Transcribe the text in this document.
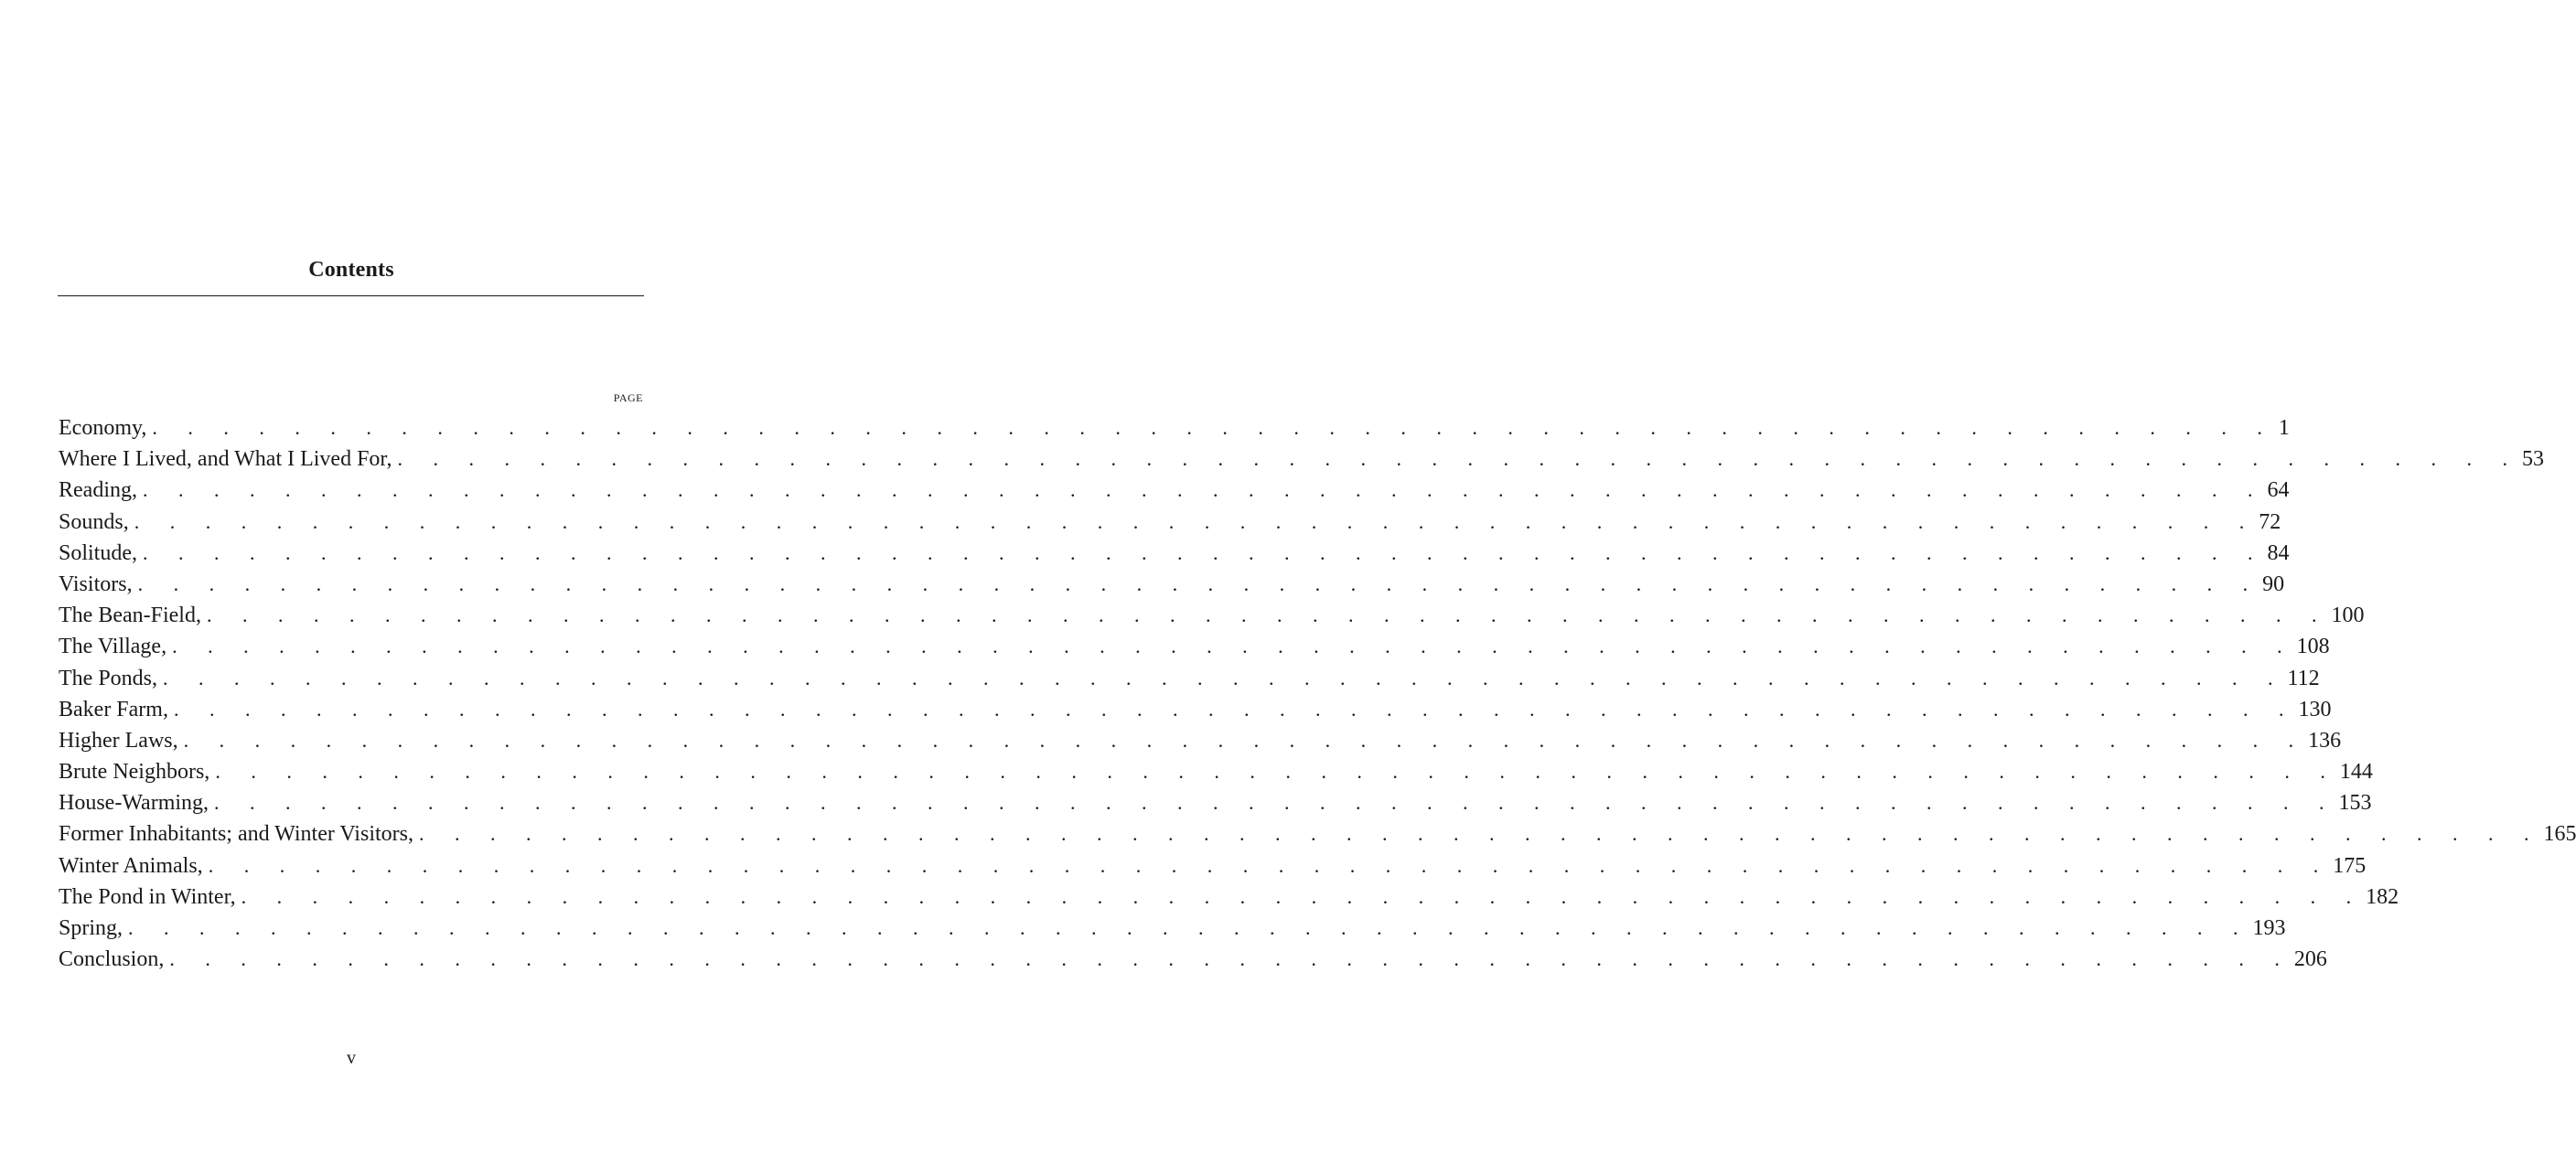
Contents
PAGE
Economy, . . . . . . . . . . . . . . . . . . . . . . . . . . . . . . . . . . . . . . . . . . . . . . . . . . . . . . . . . . . . 1
Where I Lived, and What I Lived For, . . . . . . . . . . . . . . . . . . . . . . . . . . . . . . . . . . . . . . . . . . . . . . . . . . . . . . . . . . . . 53
Reading, . . . . . . . . . . . . . . . . . . . . . . . . . . . . . . . . . . . . . . . . . . . . . . . . . . . . . . . . . . . . 64
Sounds, . . . . . . . . . . . . . . . . . . . . . . . . . . . . . . . . . . . . . . . . . . . . . . . . . . . . . . . . . . . . 72
Solitude, . . . . . . . . . . . . . . . . . . . . . . . . . . . . . . . . . . . . . . . . . . . . . . . . . . . . . . . . . . . . 84
Visitors, . . . . . . . . . . . . . . . . . . . . . . . . . . . . . . . . . . . . . . . . . . . . . . . . . . . . . . . . . . . . 90
The Bean-Field, . . . . . . . . . . . . . . . . . . . . . . . . . . . . . . . . . . . . . . . . . . . . . . . . . . . . . . . . . . . . 100
The Village, . . . . . . . . . . . . . . . . . . . . . . . . . . . . . . . . . . . . . . . . . . . . . . . . . . . . . . . . . . . . 108
The Ponds, . . . . . . . . . . . . . . . . . . . . . . . . . . . . . . . . . . . . . . . . . . . . . . . . . . . . . . . . . . . . 112
Baker Farm, . . . . . . . . . . . . . . . . . . . . . . . . . . . . . . . . . . . . . . . . . . . . . . . . . . . . . . . . . . . . 130
Higher Laws, . . . . . . . . . . . . . . . . . . . . . . . . . . . . . . . . . . . . . . . . . . . . . . . . . . . . . . . . . . . . 136
Brute Neighbors, . . . . . . . . . . . . . . . . . . . . . . . . . . . . . . . . . . . . . . . . . . . . . . . . . . . . . . . . . . . . 144
House-Warming, . . . . . . . . . . . . . . . . . . . . . . . . . . . . . . . . . . . . . . . . . . . . . . . . . . . . . . . . . . . . 153
Former Inhabitants; and Winter Visitors, . . . . . . . . . . . . . . . . . . . . . . . . . . . . . . . . . . . . . . . . . . . . . . . . . . . . . . . . . . . . 165
Winter Animals, . . . . . . . . . . . . . . . . . . . . . . . . . . . . . . . . . . . . . . . . . . . . . . . . . . . . . . . . . . . . 175
The Pond in Winter, . . . . . . . . . . . . . . . . . . . . . . . . . . . . . . . . . . . . . . . . . . . . . . . . . . . . . . . . . . . . 182
Spring, . . . . . . . . . . . . . . . . . . . . . . . . . . . . . . . . . . . . . . . . . . . . . . . . . . . . . . . . . . . . 193
Conclusion, . . . . . . . . . . . . . . . . . . . . . . . . . . . . . . . . . . . . . . . . . . . . . . . . . . . . . . . . . . . . 206
v
